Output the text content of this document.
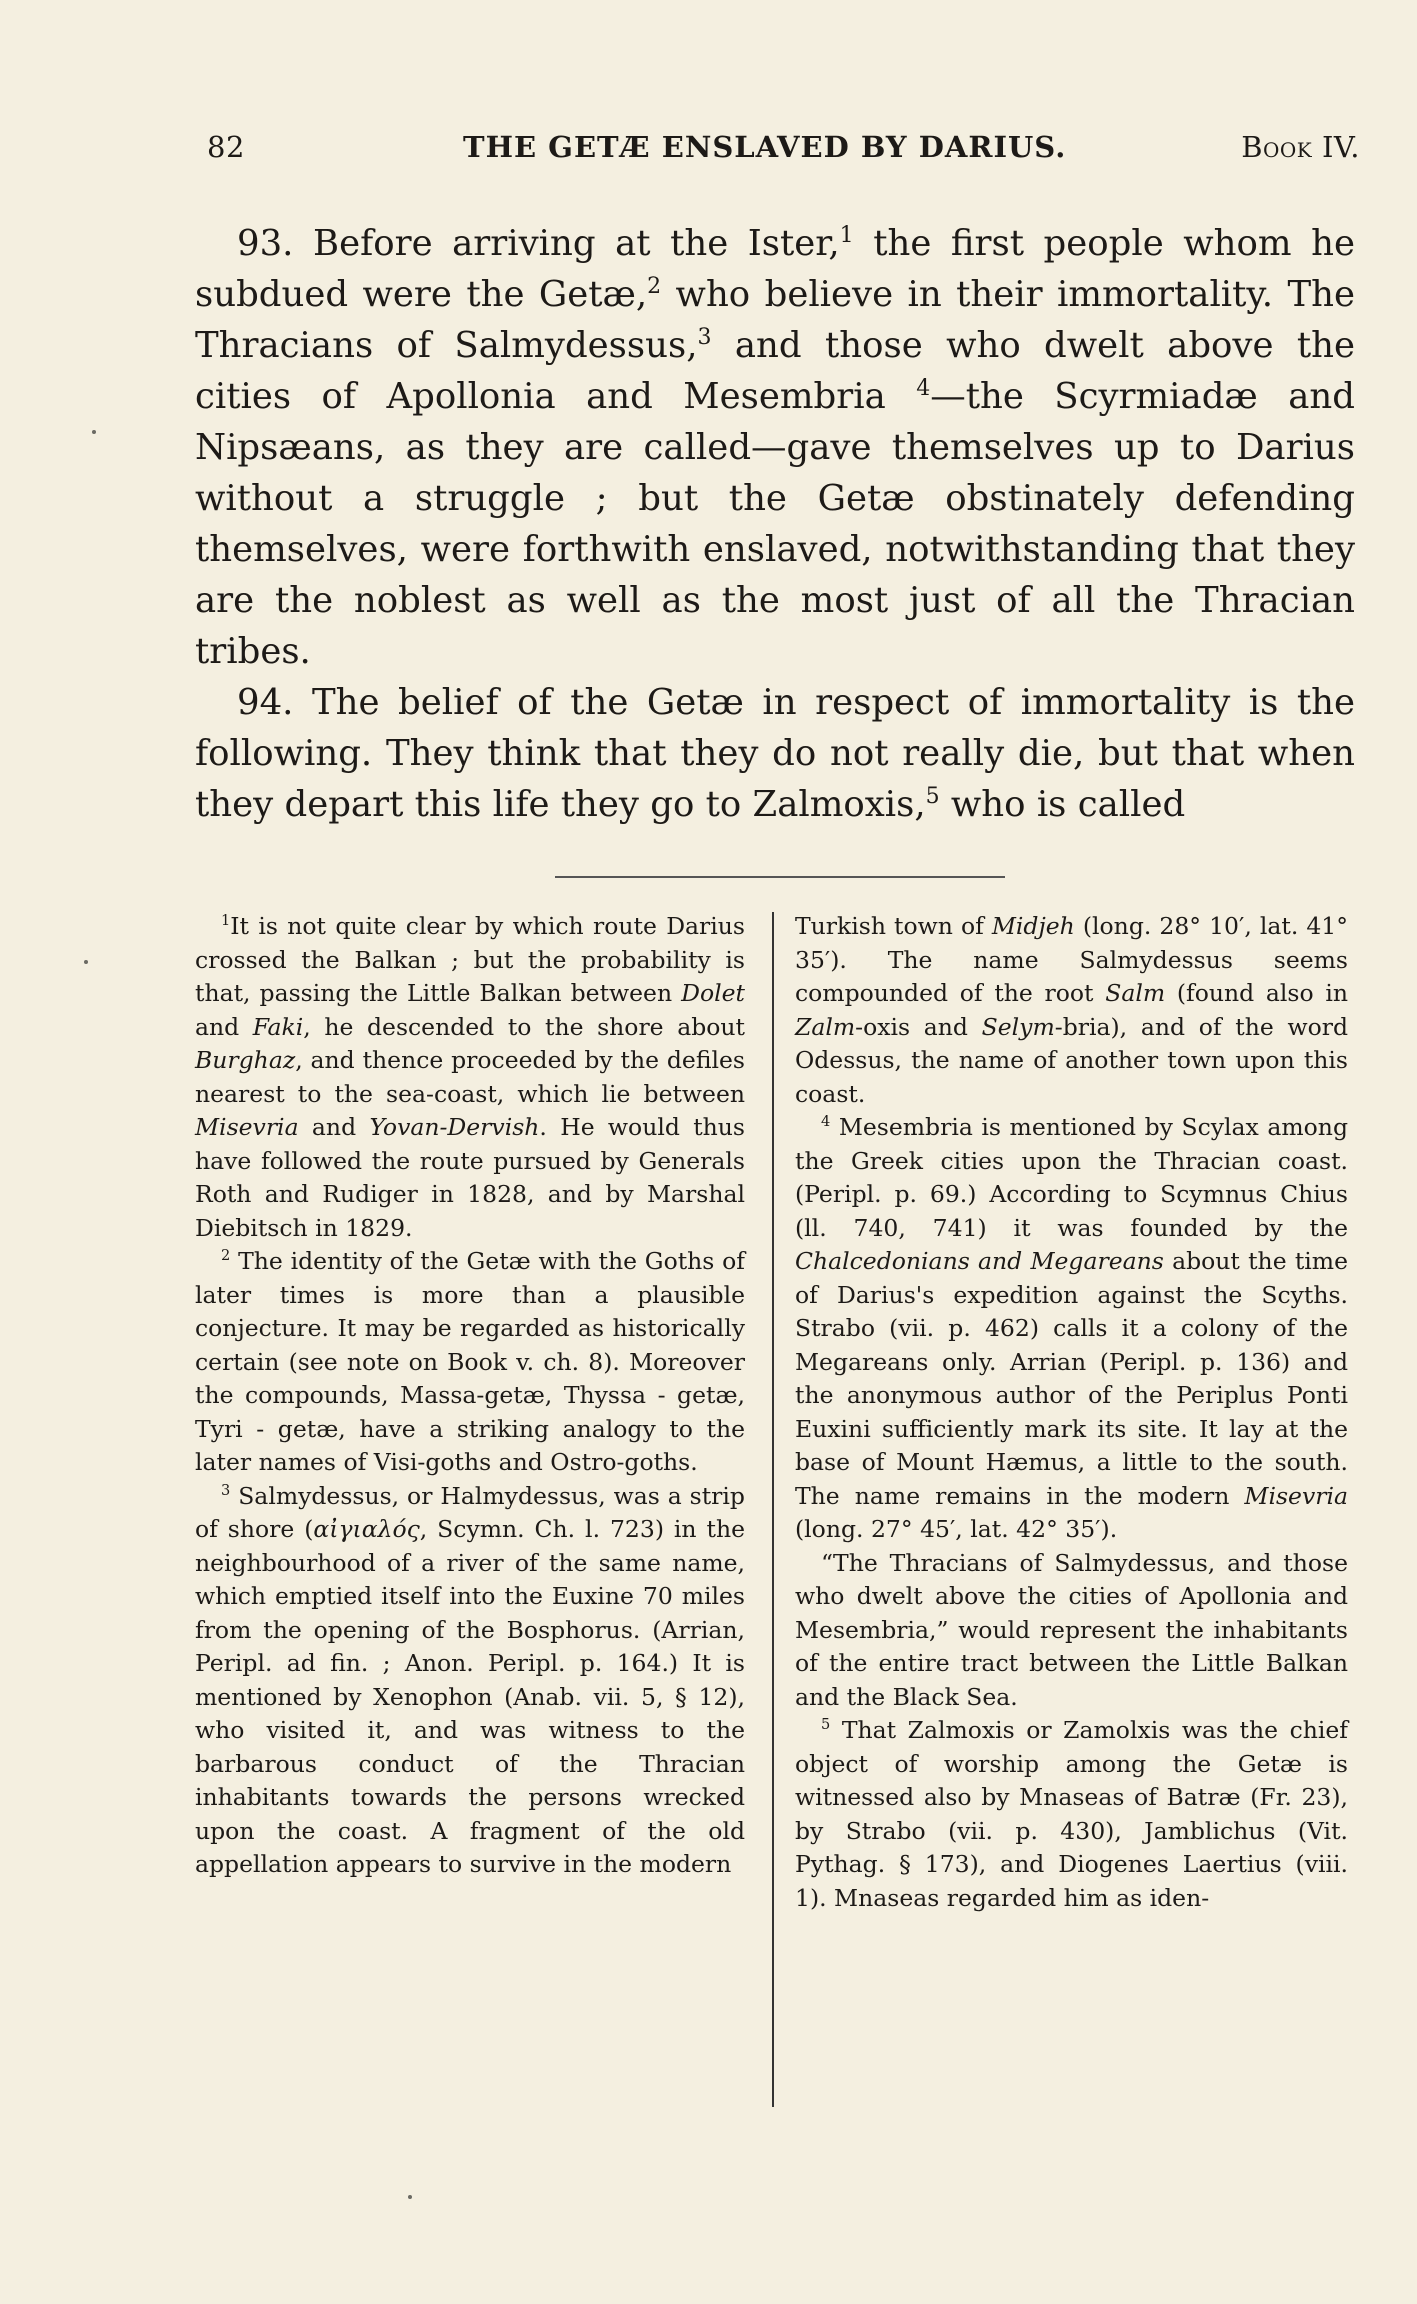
82	THE GETÆ ENSLAVED BY DARIUS.	Book IV.

93. Before arriving at the Ister,$^1$ the first people whom he subdued were the Getæ,$^2$ who believe in their immortality. The Thracians of Salmydessus,$^3$ and those who dwelt above the cities of Apollonia and Mesembria $^4$—the Scyrmiadæ and Nipsæans, as they are called—gave themselves up to Darius without a struggle ; but the Getæ obstinately defending themselves, were forthwith enslaved, notwithstanding that they are the noblest as well as the most just of all the Thracian tribes.

94. The belief of the Getæ in respect of immortality is the following. They think that they do not really die, but that when they depart this life they go to Zalmoxis,$^5$ who is called

$^1$It is not quite clear by which route Darius crossed the Balkan ; but the probability is that, passing the Little Balkan between Dolet and Faki, he descended to the shore about Burghaz, and thence proceeded by the defiles nearest to the sea-coast, which lie between Misevria and Yovan-Dervish. He would thus have followed the route pursued by Generals Roth and Rudiger in 1828, and by Marshal Diebitsch in 1829.

$^2$ The identity of the Getæ with the Goths of later times is more than a plausible conjecture. It may be regarded as historically certain (see note on Book v. ch. 8). Moreover the compounds, Massa-getæ, Thyssa - getæ, Tyri - getæ, have a striking analogy to the later names of Visi-goths and Ostro-goths.

$^3$ Salmydessus, or Halmydessus, was a strip of shore (αἰγιαλός, Scymn. Ch. l. 723) in the neighbourhood of a river of the same name, which emptied itself into the Euxine 70 miles from the opening of the Bosphorus. (Arrian, Peripl. ad fin. ; Anon. Peripl. p. 164.) It is mentioned by Xenophon (Anab. vii. 5, § 12), who visited it, and was witness to the barbarous conduct of the Thracian inhabitants towards the persons wrecked upon the coast. A fragment of the old appellation appears to survive in the modern

Turkish town of Midjeh (long. 28° 10′, lat. 41° 35′). The name Salmydessus seems compounded of the root Salm (found also in Zalm-oxis and Selym-bria), and of the word Odessus, the name of another town upon this coast.

$^4$ Mesembria is mentioned by Scylax among the Greek cities upon the Thracian coast. (Peripl. p. 69.) According to Scymnus Chius (ll. 740, 741) it was founded by the Chalcedonians and Megareans about the time of Darius's expedition against the Scyths. Strabo (vii. p. 462) calls it a colony of the Megareans only. Arrian (Peripl. p. 136) and the anonymous author of the Periplus Ponti Euxini sufficiently mark its site. It lay at the base of Mount Hæmus, a little to the south. The name remains in the modern Misevria (long. 27° 45′, lat. 42° 35′).

“The Thracians of Salmydessus, and those who dwelt above the cities of Apollonia and Mesembria,” would represent the inhabitants of the entire tract between the Little Balkan and the Black Sea.

$^5$ That Zalmoxis or Zamolxis was the chief object of worship among the Getæ is witnessed also by Mnaseas of Batræ (Fr. 23), by Strabo (vii. p. 430), Jamblichus (Vit. Pythag. § 173), and Diogenes Laertius (viii. 1). Mnaseas regarded him as iden-
